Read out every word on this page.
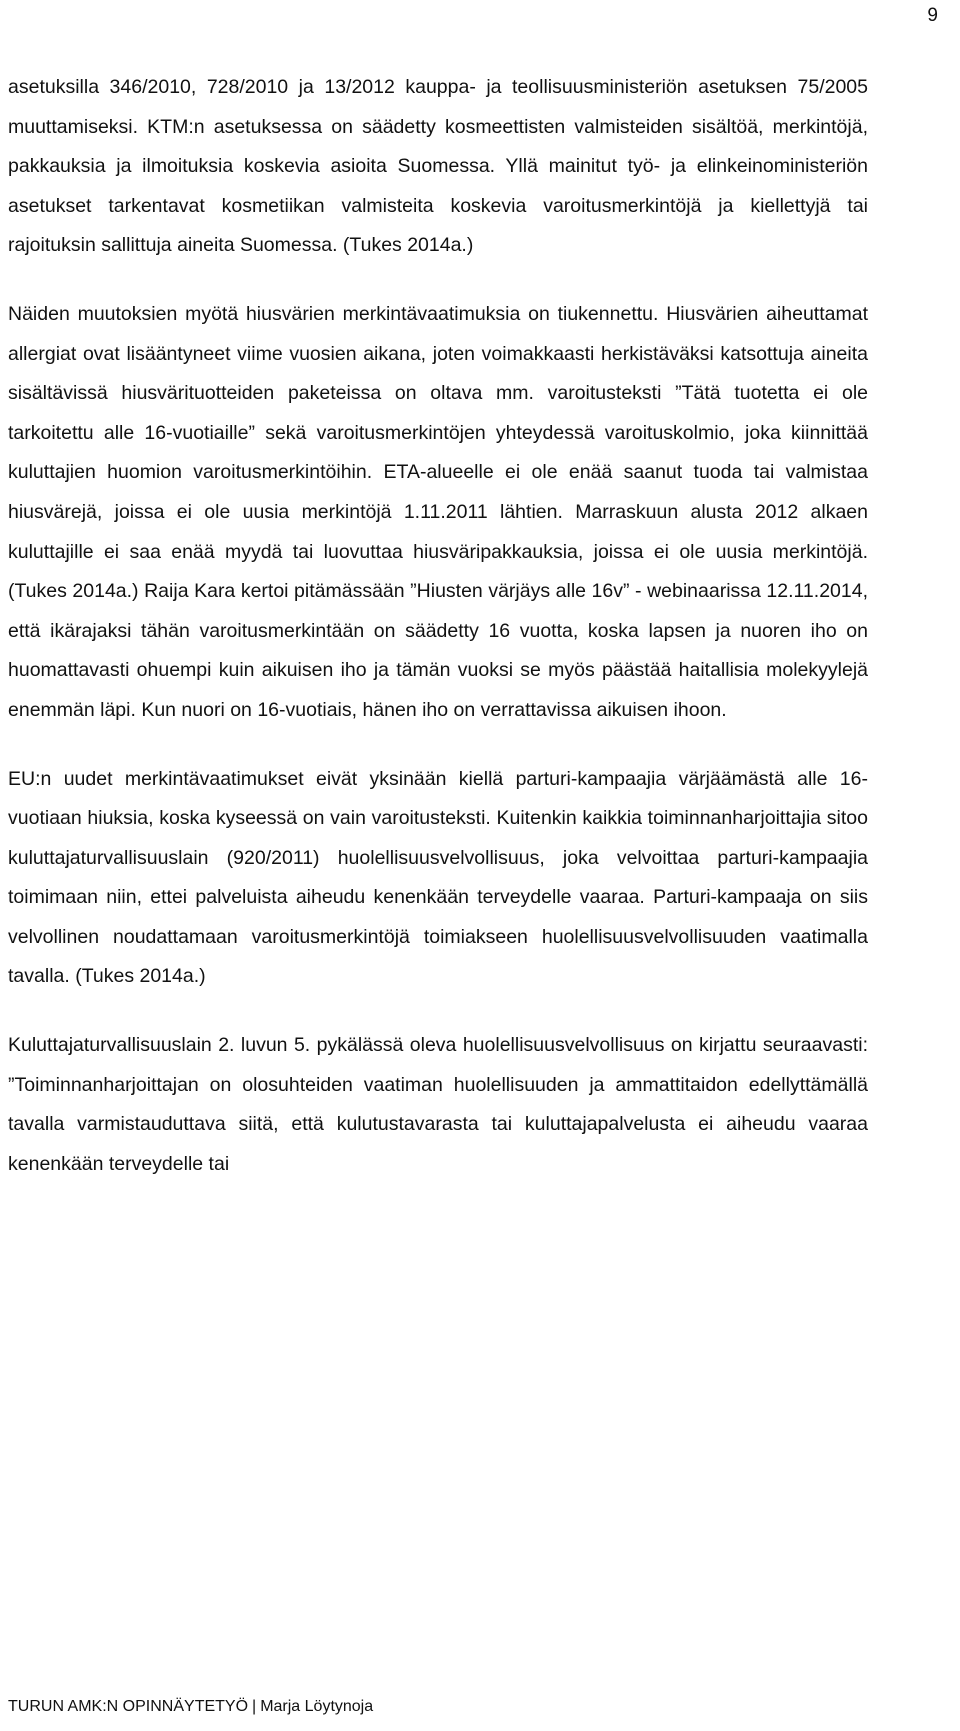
9

asetuksilla 346/2010, 728/2010 ja 13/2012 kauppa- ja teollisuusministeriön asetuksen 75/2005 muuttamiseksi. KTM:n asetuksessa on säädetty kosmeettisten valmisteiden sisältöä, merkintöjä, pakkauksia ja ilmoituksia koskevia asioita Suomessa. Yllä mainitut työ- ja elinkeinoministeriön asetukset tarkentavat kosmetiikan valmisteita koskevia varoitusmerkintöjä ja kiellettyjä tai rajoituksin sallittuja aineita Suomessa. (Tukes 2014a.)

Näiden muutoksien myötä hiusvärien merkintävaatimuksia on tiukennettu. Hiusvärien aiheuttamat allergiat ovat lisääntyneet viime vuosien aikana, joten voimakkaasti herkistäväksi katsottuja aineita sisältävissä hiusvärituotteiden paketeissa on oltava mm. varoitusteksti ”Tätä tuotetta ei ole tarkoitettu alle 16-vuotiaille” sekä varoitusmerkintöjen yhteydessä varoituskolmio, joka kiinnittää kuluttajien huomion varoitusmerkintöihin. ETA-alueelle ei ole enää saanut tuoda tai valmistaa hiusvärejä, joissa ei ole uusia merkintöjä 1.11.2011 lähtien. Marraskuun alusta 2012 alkaen kuluttajille ei saa enää myydä tai luovuttaa hiusväripakkauksia, joissa ei ole uusia merkintöjä. (Tukes 2014a.) Raija Kara kertoi pitämässään ”Hiusten värjäys alle 16v” - webinaarissa 12.11.2014, että ikärajaksi tähän varoitusmerkintään on säädetty 16 vuotta, koska lapsen ja nuoren iho on huomattavasti ohuempi kuin aikuisen iho ja tämän vuoksi se myös päästää haitallisia molekyylejä enemmän läpi. Kun nuori on 16-vuotiais, hänen iho on verrattavissa aikuisen ihoon.

EU:n uudet merkintävaatimukset eivät yksinään kiellä parturi-kampaajia värjäämästä alle 16-vuotiaan hiuksia, koska kyseessä on vain varoitusteksti. Kuitenkin kaikkia toiminnanharjoittajia sitoo kuluttajaturvallisuuslain (920/2011) huolellisuusvelvollisuus, joka velvoittaa parturi-kampaajia toimimaan niin, ettei palveluista aiheudu kenenkään terveydelle vaaraa. Parturi-kampaaja on siis velvollinen noudattamaan varoitusmerkintöjä toimiakseen huolellisuusvelvollisuuden vaatimalla tavalla. (Tukes 2014a.)

Kuluttajaturvallisuuslain 2. luvun 5. pykälässä oleva huolellisuusvelvollisuus on kirjattu seuraavasti: ”Toiminnanharjoittajan on olosuhteiden vaatiman huolellisuuden ja ammattitaidon edellyttämällä tavalla varmistauduttava siitä, että kulutustavarasta tai kuluttajapalvelusta ei aiheudu vaaraa kenenkään terveydelle tai

TURUN AMK:N OPINNÄYTETYÖ | Marja Löytynoja
